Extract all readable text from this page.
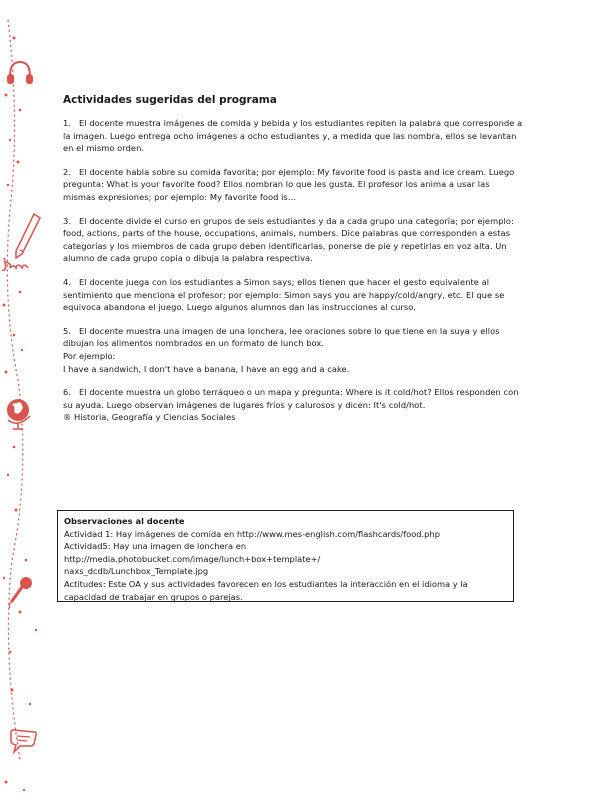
Actividades sugeridas del programa

1. El docente muestra imágenes de comida y bebida y los estudiantes repiten la palabra que corresponde a la imagen. Luego entrega ocho imágenes a ocho estudiantes y, a medida que las nombra, ellos se levantan en el mismo orden.

2. El docente habla sobre su comida favorita; por ejemplo: My favorite food is pasta and ice cream. Luego pregunta: What is your favorite food? Ellos nombran lo que les gusta. El profesor los anima a usar las mismas expresiones; por ejemplo: My favorite food is…

3. El docente divide el curso en grupos de seis estudiantes y da a cada grupo una categoría; por ejemplo: food, actions, parts of the house, occupations, animals, numbers. Dice palabras que corresponden a estas categorías y los miembros de cada grupo deben identificarlas, ponerse de pie y repetirlas en voz alta. Un alumno de cada grupo copia o dibuja la palabra respectiva.

4. El docente juega con los estudiantes a Simon says; ellos tienen que hacer el gesto equivalente al sentimiento que menciona el profesor; por ejemplo: Simon says you are happy/cold/angry, etc. El que se equivoca abandona el juego. Luego algunos alumnos dan las instrucciones al curso.

5. El docente muestra una imagen de una lonchera, lee oraciones sobre lo que tiene en la suya y ellos dibujan los alimentos nombrados en un formato de lunch box.
Por ejemplo:
I have a sandwich, I don't have a banana, I have an egg and a cake.

6. El docente muestra un globo terráqueo o un mapa y pregunta: Where is it cold/hot? Ellos responden con su ayuda. Luego observan imágenes de lugares fríos y calurosos y dicen: It's cold/hot.
® Historia, Geografía y Ciencias Sociales

Observaciones al docente
Actividad 1: Hay imágenes de comida en http://www.mes-english.com/flashcards/food.php
Actividad5: Hay una imagen de lonchera en
http://media.photobucket.com/image/lunch+box+template+/
naxs_dcdb/Lunchbox_Template.jpg
Actitudes: Este OA y sus actividades favorecen en los estudiantes la interacción en el idioma y la
capacidad de trabajar en grupos o parejas.
